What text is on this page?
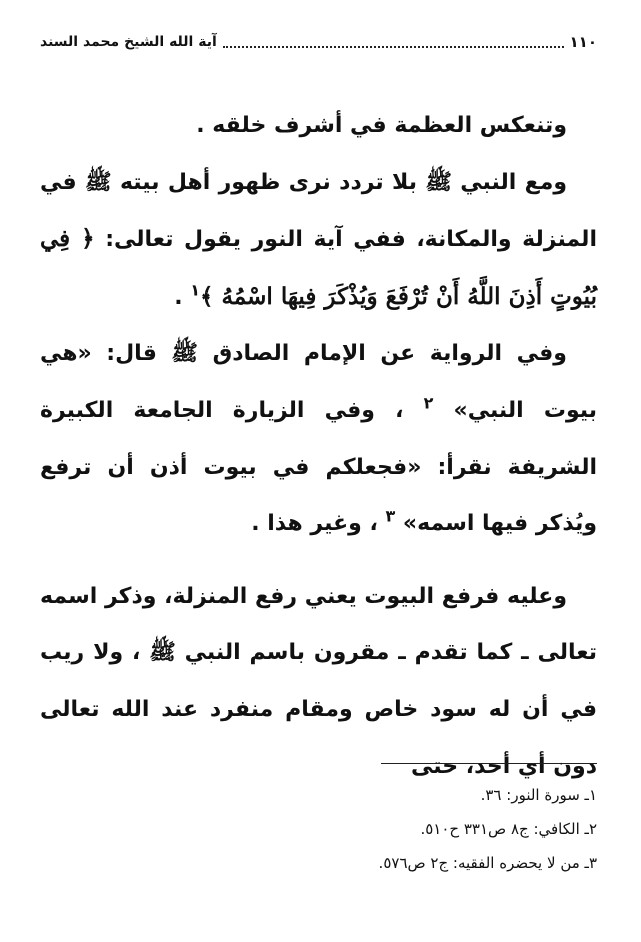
١١٠
آية الله الشيخ محمد السند

وتنعكس العظمة في أشرف خلقه .

ومع النبي ﷺ بلا تردد نرى ظهور أهل بيته ﷺ في المنزلة والمكانة، ففي آية النور يقول تعالى: ﴿ فِي بُيُوتٍ أَذِنَ اللَّهُ أَنْ تُرْفَعَ وَيُذْكَرَ فِيهَا اسْمُهُ ﴾$^١$ .

وفي الرواية عن الإمام الصادق ﷺ قال: «هي بيوت النبي» $^٢$ ، وفي الزيارة الجامعة الكبيرة الشريفة نقرأ: «فجعلكم في بيوت أذن أن ترفع ويُذكر فيها اسمه» $^٣$ ، وغير هذا .

وعليه فرفع البيوت يعني رفع المنزلة، وذكر اسمه تعالى ـ كما تقدم ـ مقرون باسم النبي ﷺ ، ولا ريب في أن له سود خاص ومقام منفرد عند الله تعالى دون أي أحد، حتى

١ـ سورة النور: ٣٦.

٢ـ الكافي: ج٨ ص٣٣١ ح٥١٠.

٣ـ من لا يحضره الفقيه: ج٢ ص٥٧٦.
